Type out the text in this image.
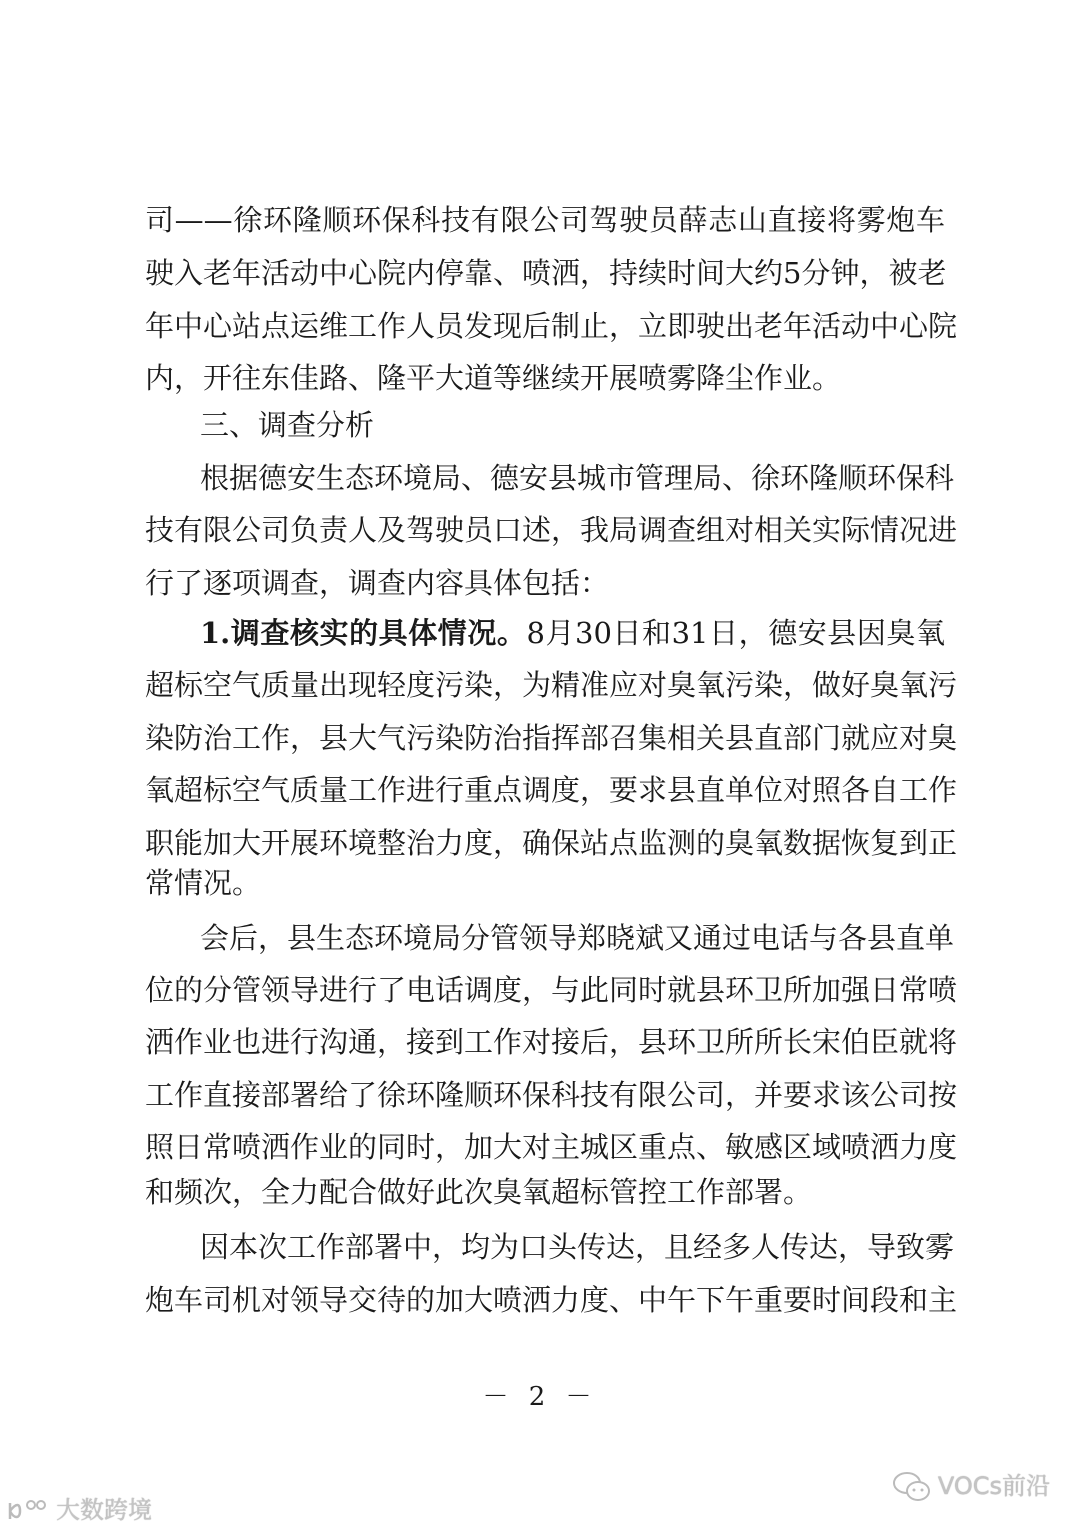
司——徐环隆顺环保科技有限公司驾驶员薛志山直接将雾炮车
驶入老年活动中心院内停靠、喷洒，持续时间大约5分钟，被老
年中心站点运维工作人员发现后制止，立即驶出老年活动中心院
内，开往东佳路、隆平大道等继续开展喷雾降尘作业。
三、调查分析
根据德安生态环境局、德安县城市管理局、徐环隆顺环保科
技有限公司负责人及驾驶员口述，我局调查组对相关实际情况进
行了逐项调查，调查内容具体包括：
1.调查核实的具体情况。8月30日和31日，德安县因臭氧
超标空气质量出现轻度污染，为精准应对臭氧污染，做好臭氧污
染防治工作，县大气污染防治指挥部召集相关县直部门就应对臭
氧超标空气质量工作进行重点调度，要求县直单位对照各自工作
职能加大开展环境整治力度，确保站点监测的臭氧数据恢复到正
常情况。
会后，县生态环境局分管领导郑晓斌又通过电话与各县直单
位的分管领导进行了电话调度，与此同时就县环卫所加强日常喷
洒作业也进行沟通，接到工作对接后，县环卫所所长宋伯臣就将
工作直接部署给了徐环隆顺环保科技有限公司，并要求该公司按
照日常喷洒作业的同时，加大对主城区重点、敏感区域喷洒力度
和频次，全力配合做好此次臭氧超标管控工作部署。
因本次工作部署中，均为口头传达，且经多人传达，导致雾
炮车司机对领导交待的加大喷洒力度、中午下午重要时间段和主
－ 2 －
大数跨境
VOCs前沿
